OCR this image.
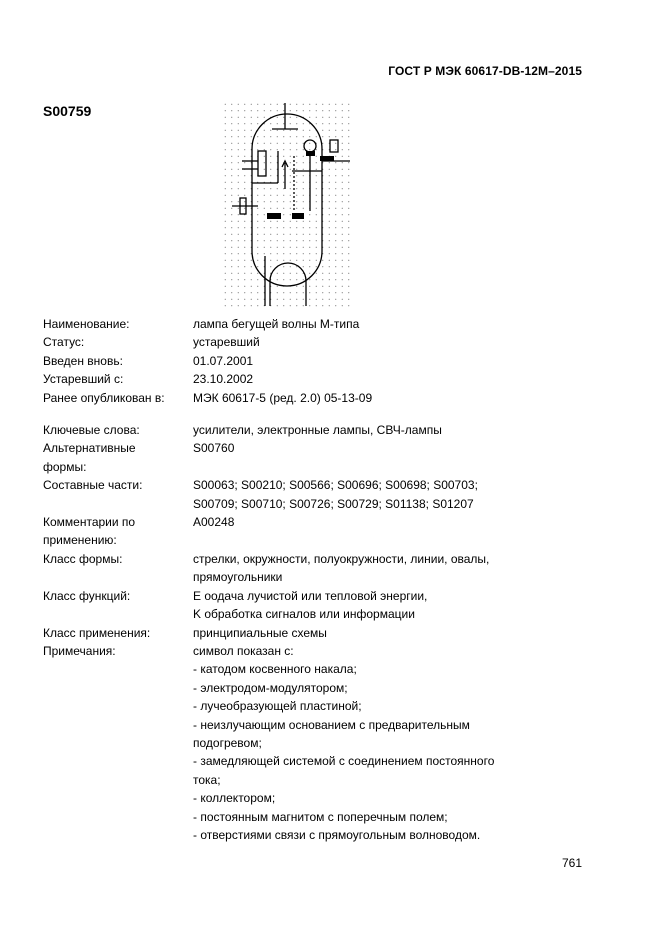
ГОСТ Р МЭК 60617-DB-12M–2015
S00759
Наименование:	лампа бегущей волны М-типа
Статус:	устаревший
Введен вновь:	01.07.2001
Устаревший с:	23.10.2002
Ранее опубликован в:	МЭК 60617-5 (ред. 2.0) 05-13-09
Ключевые слова:	усилители, электронные лампы, СВЧ-лампы
Альтернативные
формы:
S00760
Составные части:	S00063; S00210; S00566; S00696; S00698; S00703;
S00709; S00710; S00726; S00729; S01138; S01207
Комментарии по
применению:
A00248
Класс формы:	стрелки, окружности, полуокружности, линии, овалы,
прямоугольники
Класс функций:	E оодача лучистой или тепловой энергии,
K обработка сигналов или информации
Класс применения:	принципиальные схемы
Примечания:	символ показан с:
- катодом косвенного накала;
- электродом-модулятором;
- лучеобразующей пластиной;
- неизлучающим основанием с предварительным
подогревом;
- замедляющей системой с соединением постоянного
тока;
- коллектором;
- постоянным магнитом с поперечным полем;
- отверстиями связи с прямоугольным волноводом.
761
